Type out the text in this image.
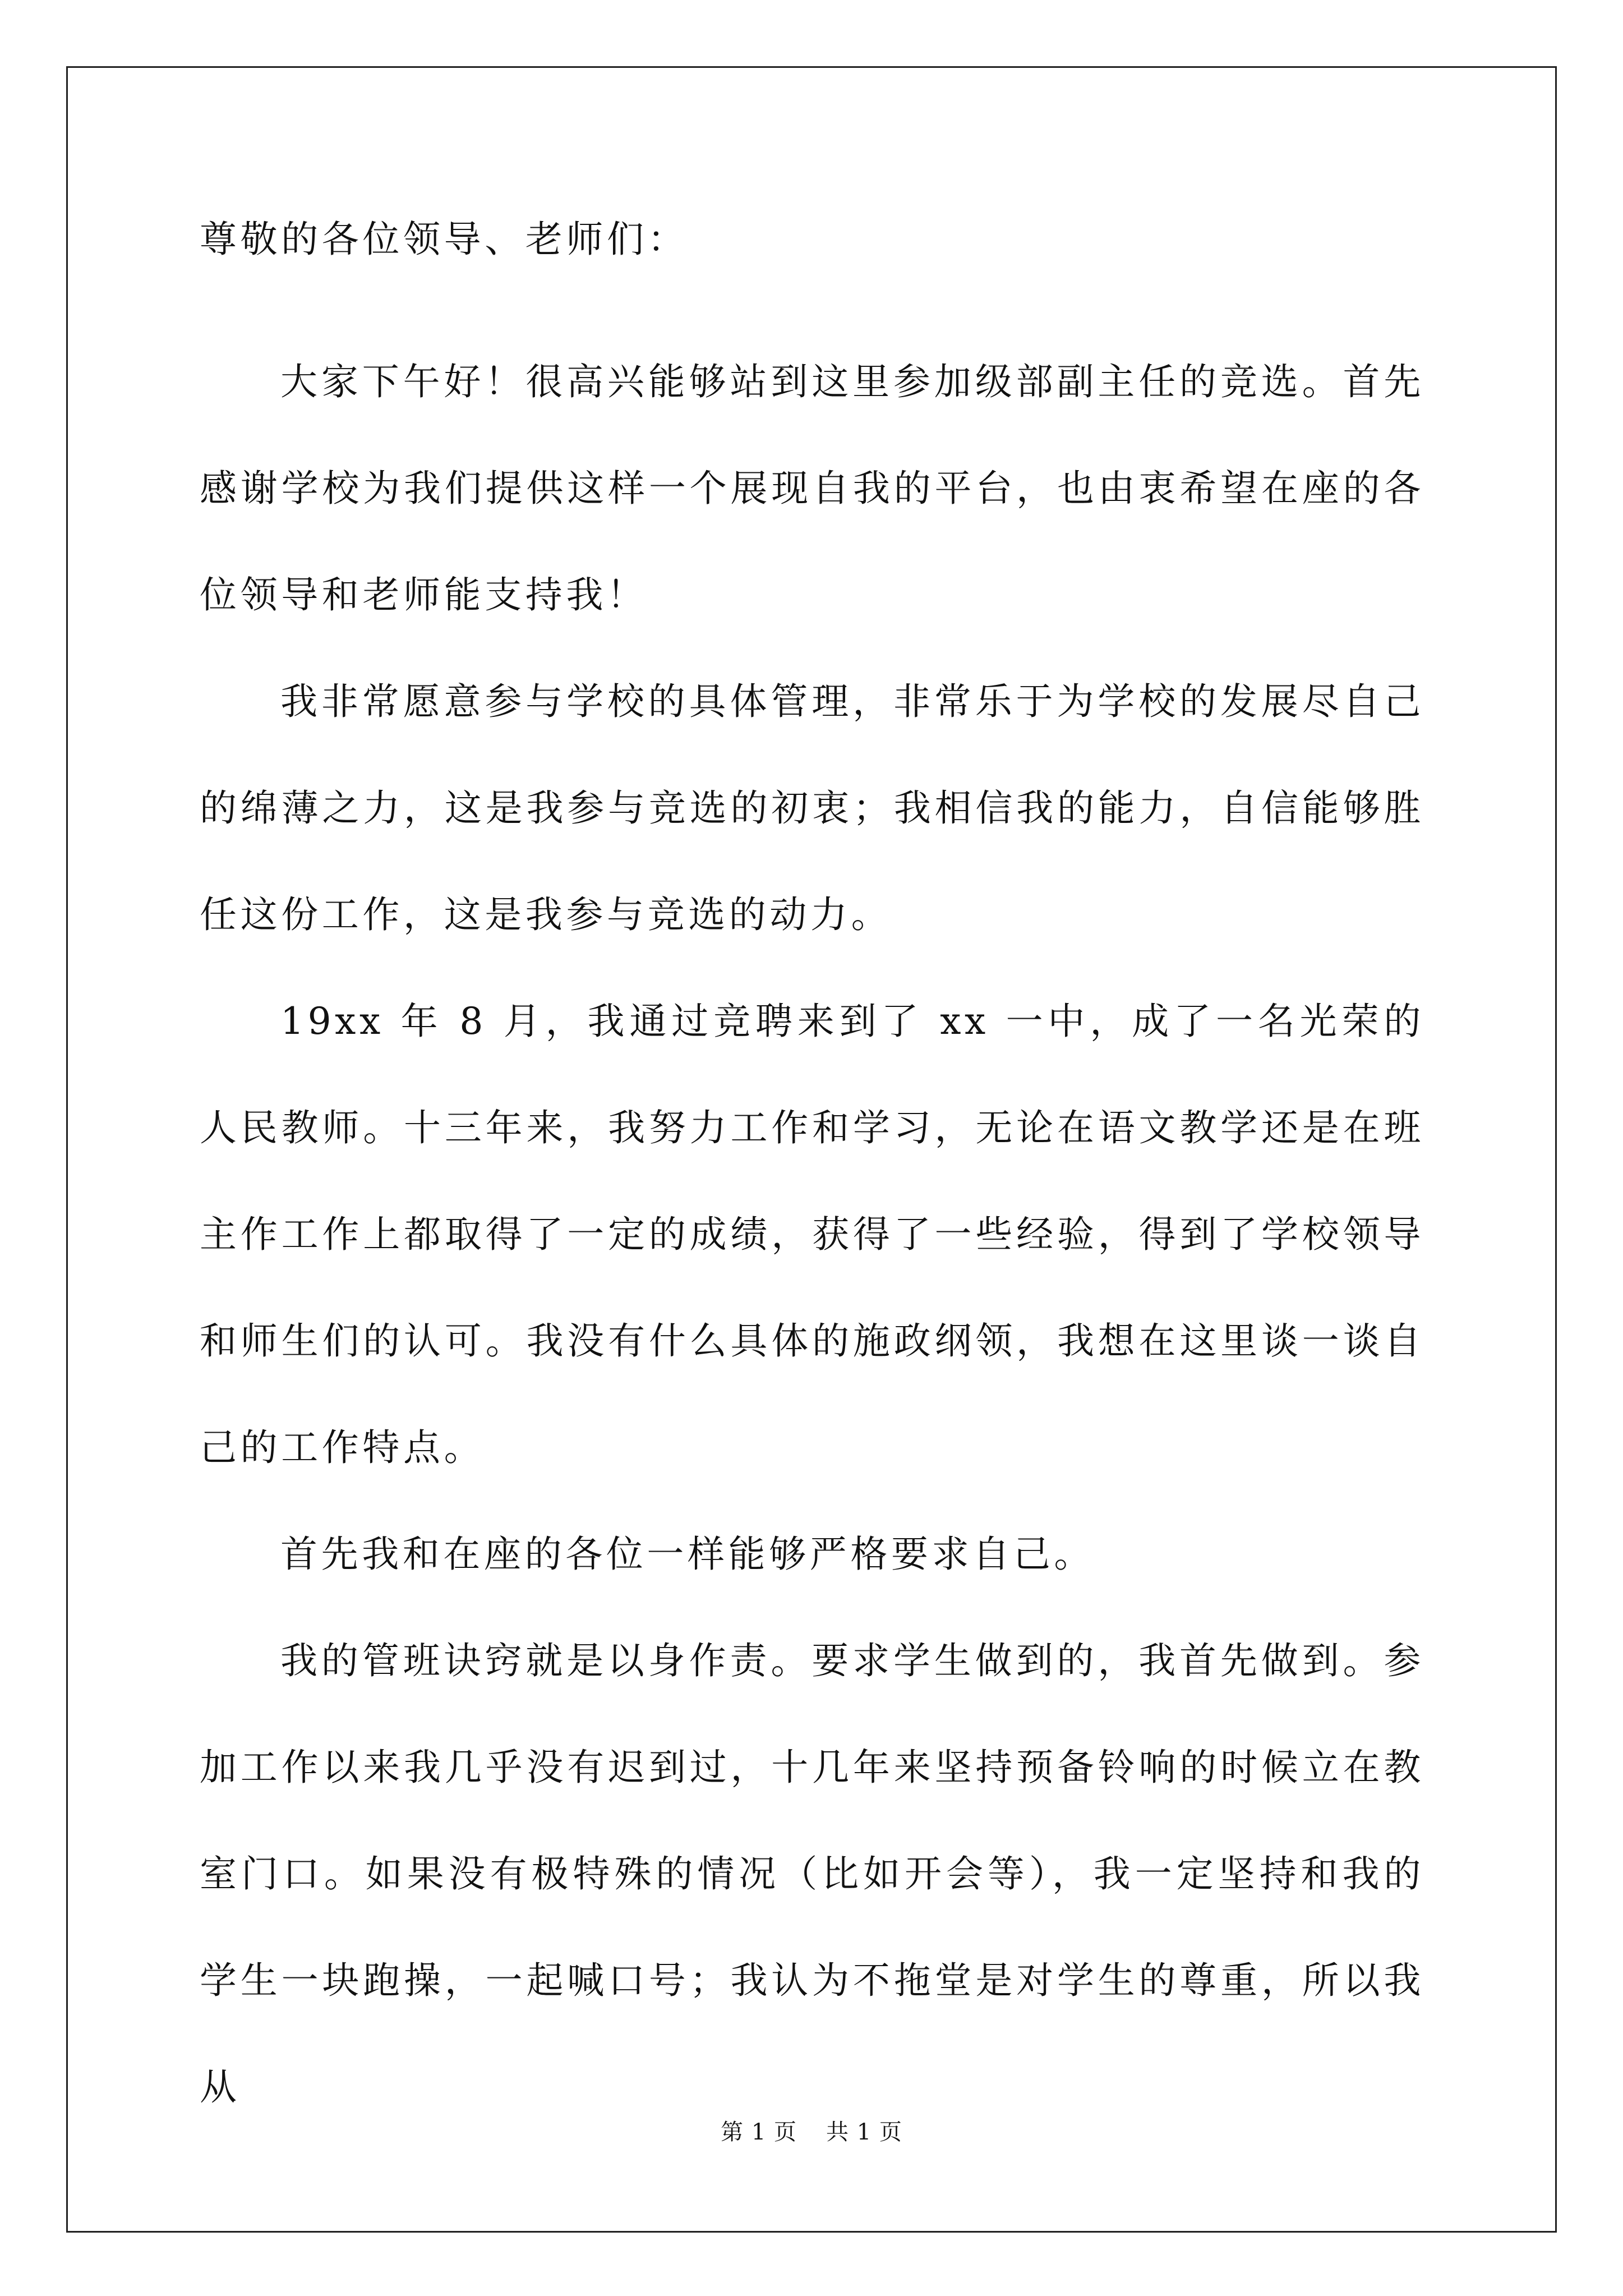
尊敬的各位领导、老师们：

大家下午好！很高兴能够站到这里参加级部副主任的竞选。首先感谢学校为我们提供这样一个展现自我的平台，也由衷希望在座的各位领导和老师能支持我！

我非常愿意参与学校的具体管理，非常乐于为学校的发展尽自己的绵薄之力，这是我参与竞选的初衷；我相信我的能力，自信能够胜任这份工作，这是我参与竞选的动力。

19xx 年 8 月，我通过竞聘来到了 xx 一中，成了一名光荣的人民教师。十三年来，我努力工作和学习，无论在语文教学还是在班主作工作上都取得了一定的成绩，获得了一些经验，得到了学校领导和师生们的认可。我没有什么具体的施政纲领，我想在这里谈一谈自己的工作特点。

首先我和在座的各位一样能够严格要求自己。

我的管班诀窍就是以身作责。要求学生做到的，我首先做到。参加工作以来我几乎没有迟到过，十几年来坚持预备铃响的时候立在教室门口。如果没有极特殊的情况（比如开会等），我一定坚持和我的学生一块跑操，一起喊口号；我认为不拖堂是对学生的尊重，所以我从

第 1 页 共 1 页
